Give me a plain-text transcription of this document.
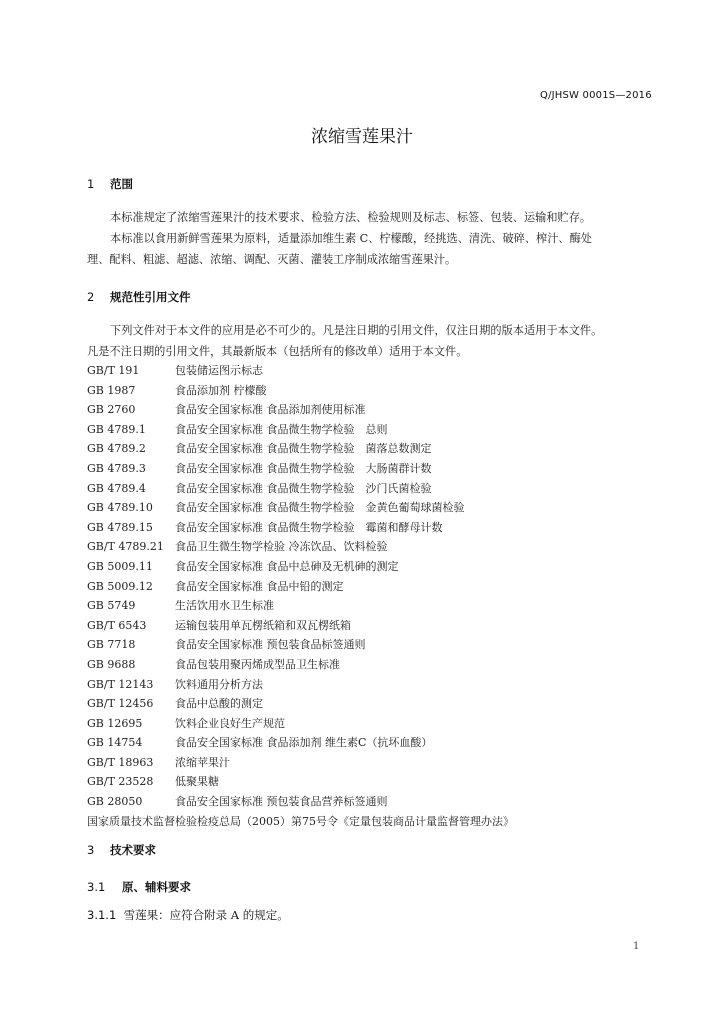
Q/JHSW 0001S—2016
浓缩雪莲果汁
1 范围
本标准规定了浓缩雪莲果汁的技术要求、检验方法、检验规则及标志、标签、包装、运输和贮存。
本标准以食用新鲜雪莲果为原料，适量添加维生素 C、柠檬酸，经挑选、清洗、破碎、榨汁、酶处
理、配料、粗滤、超滤、浓缩、调配、灭菌、灌装工序制成浓缩雪莲果汁。
2 规范性引用文件
下列文件对于本文件的应用是必不可少的。凡是注日期的引用文件，仅注日期的版本适用于本文件。
凡是不注日期的引用文件，其最新版本（包括所有的修改单）适用于本文件。
GB/T 191	包装储运图示标志
GB 1987	食品添加剂 柠檬酸
GB 2760	食品安全国家标准 食品添加剂使用标准
GB 4789.1	食品安全国家标准 食品微生物学检验　总则
GB 4789.2	食品安全国家标准 食品微生物学检验　菌落总数测定
GB 4789.3	食品安全国家标准 食品微生物学检验　大肠菌群计数
GB 4789.4	食品安全国家标准 食品微生物学检验　沙门氏菌检验
GB 4789.10 食品安全国家标准 食品微生物学检验　金黄色葡萄球菌检验
GB 4789.15 食品安全国家标准 食品微生物学检验　霉菌和酵母计数
GB/T 4789.21 食品卫生微生物学检验 冷冻饮品、饮料检验
GB 5009.11 食品安全国家标准 食品中总砷及无机砷的测定
GB 5009.12 食品安全国家标准 食品中铅的测定
GB 5749	生活饮用水卫生标准
GB/T 6543	运输包装用单瓦楞纸箱和双瓦楞纸箱
GB 7718	食品安全国家标准 预包装食品标签通则
GB 9688	食品包装用聚丙烯成型品卫生标准
GB/T 12143 饮料通用分析方法
GB/T 12456 食品中总酸的测定
GB 12695	饮料企业良好生产规范
GB 14754	食品安全国家标准 食品添加剂 维生素C（抗坏血酸）
GB/T 18963 浓缩苹果汁
GB/T 23528 低聚果糖
GB 28050	食品安全国家标准 预包装食品营养标签通则
国家质量技术监督检验检疫总局（2005）第75号令《定量包装商品计量监督管理办法》
3 技术要求
3.1 原、辅料要求
3.1.1 雪莲果：应符合附录 A 的规定。
1
